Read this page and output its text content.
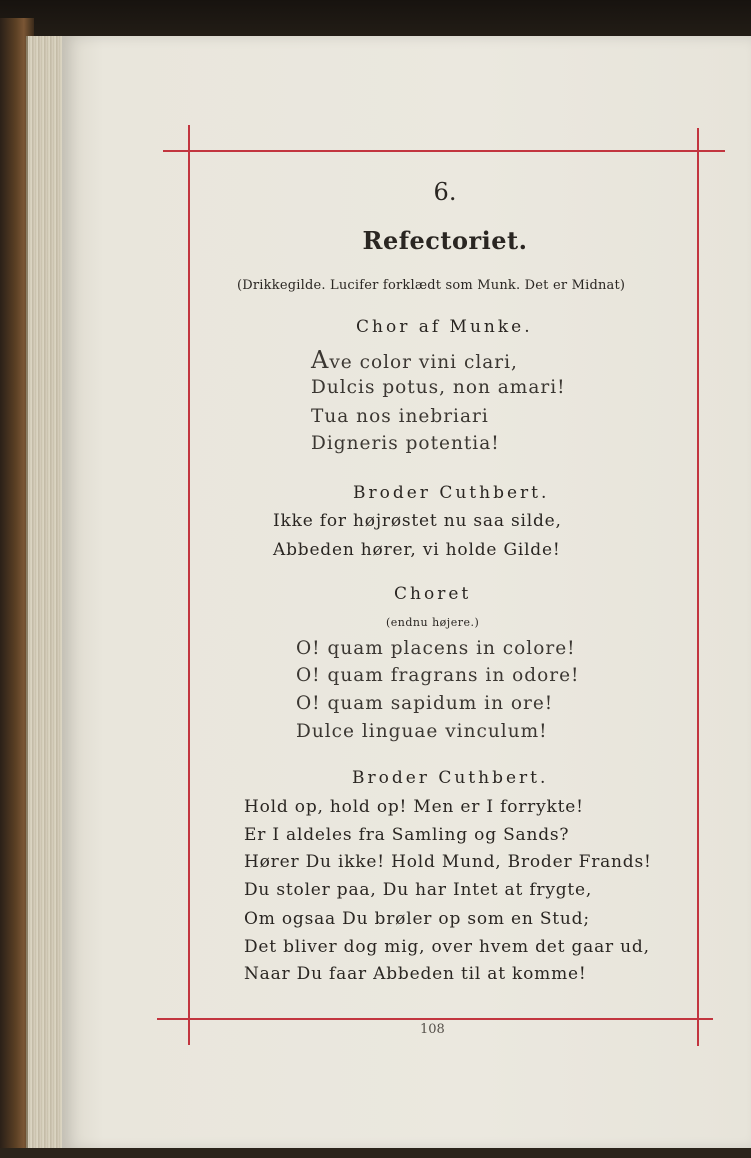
6.
Refectoriet.
(Drikkegilde. Lucifer forklædt som Munk. Det er Midnat)
Chor af Munke.
Ave color vini clari,
Dulcis potus, non amari!
Tua nos inebriari
Digneris potentia!
Broder Cuthbert.
Ikke for højrøstet nu saa silde,
Abbeden hører, vi holde Gilde!
Choret
(endnu højere.)
O! quam placens in colore!
O! quam fragrans in odore!
O! quam sapidum in ore!
Dulce linguae vinculum!
Broder Cuthbert.
Hold op, hold op! Men er I forrykte!
Er I aldeles fra Samling og Sands?
Hører Du ikke! Hold Mund, Broder Frands!
Du stoler paa, Du har Intet at frygte,
Om ogsaa Du brøler op som en Stud;
Det bliver dog mig, over hvem det gaar ud,
Naar Du faar Abbeden til at komme!
108
